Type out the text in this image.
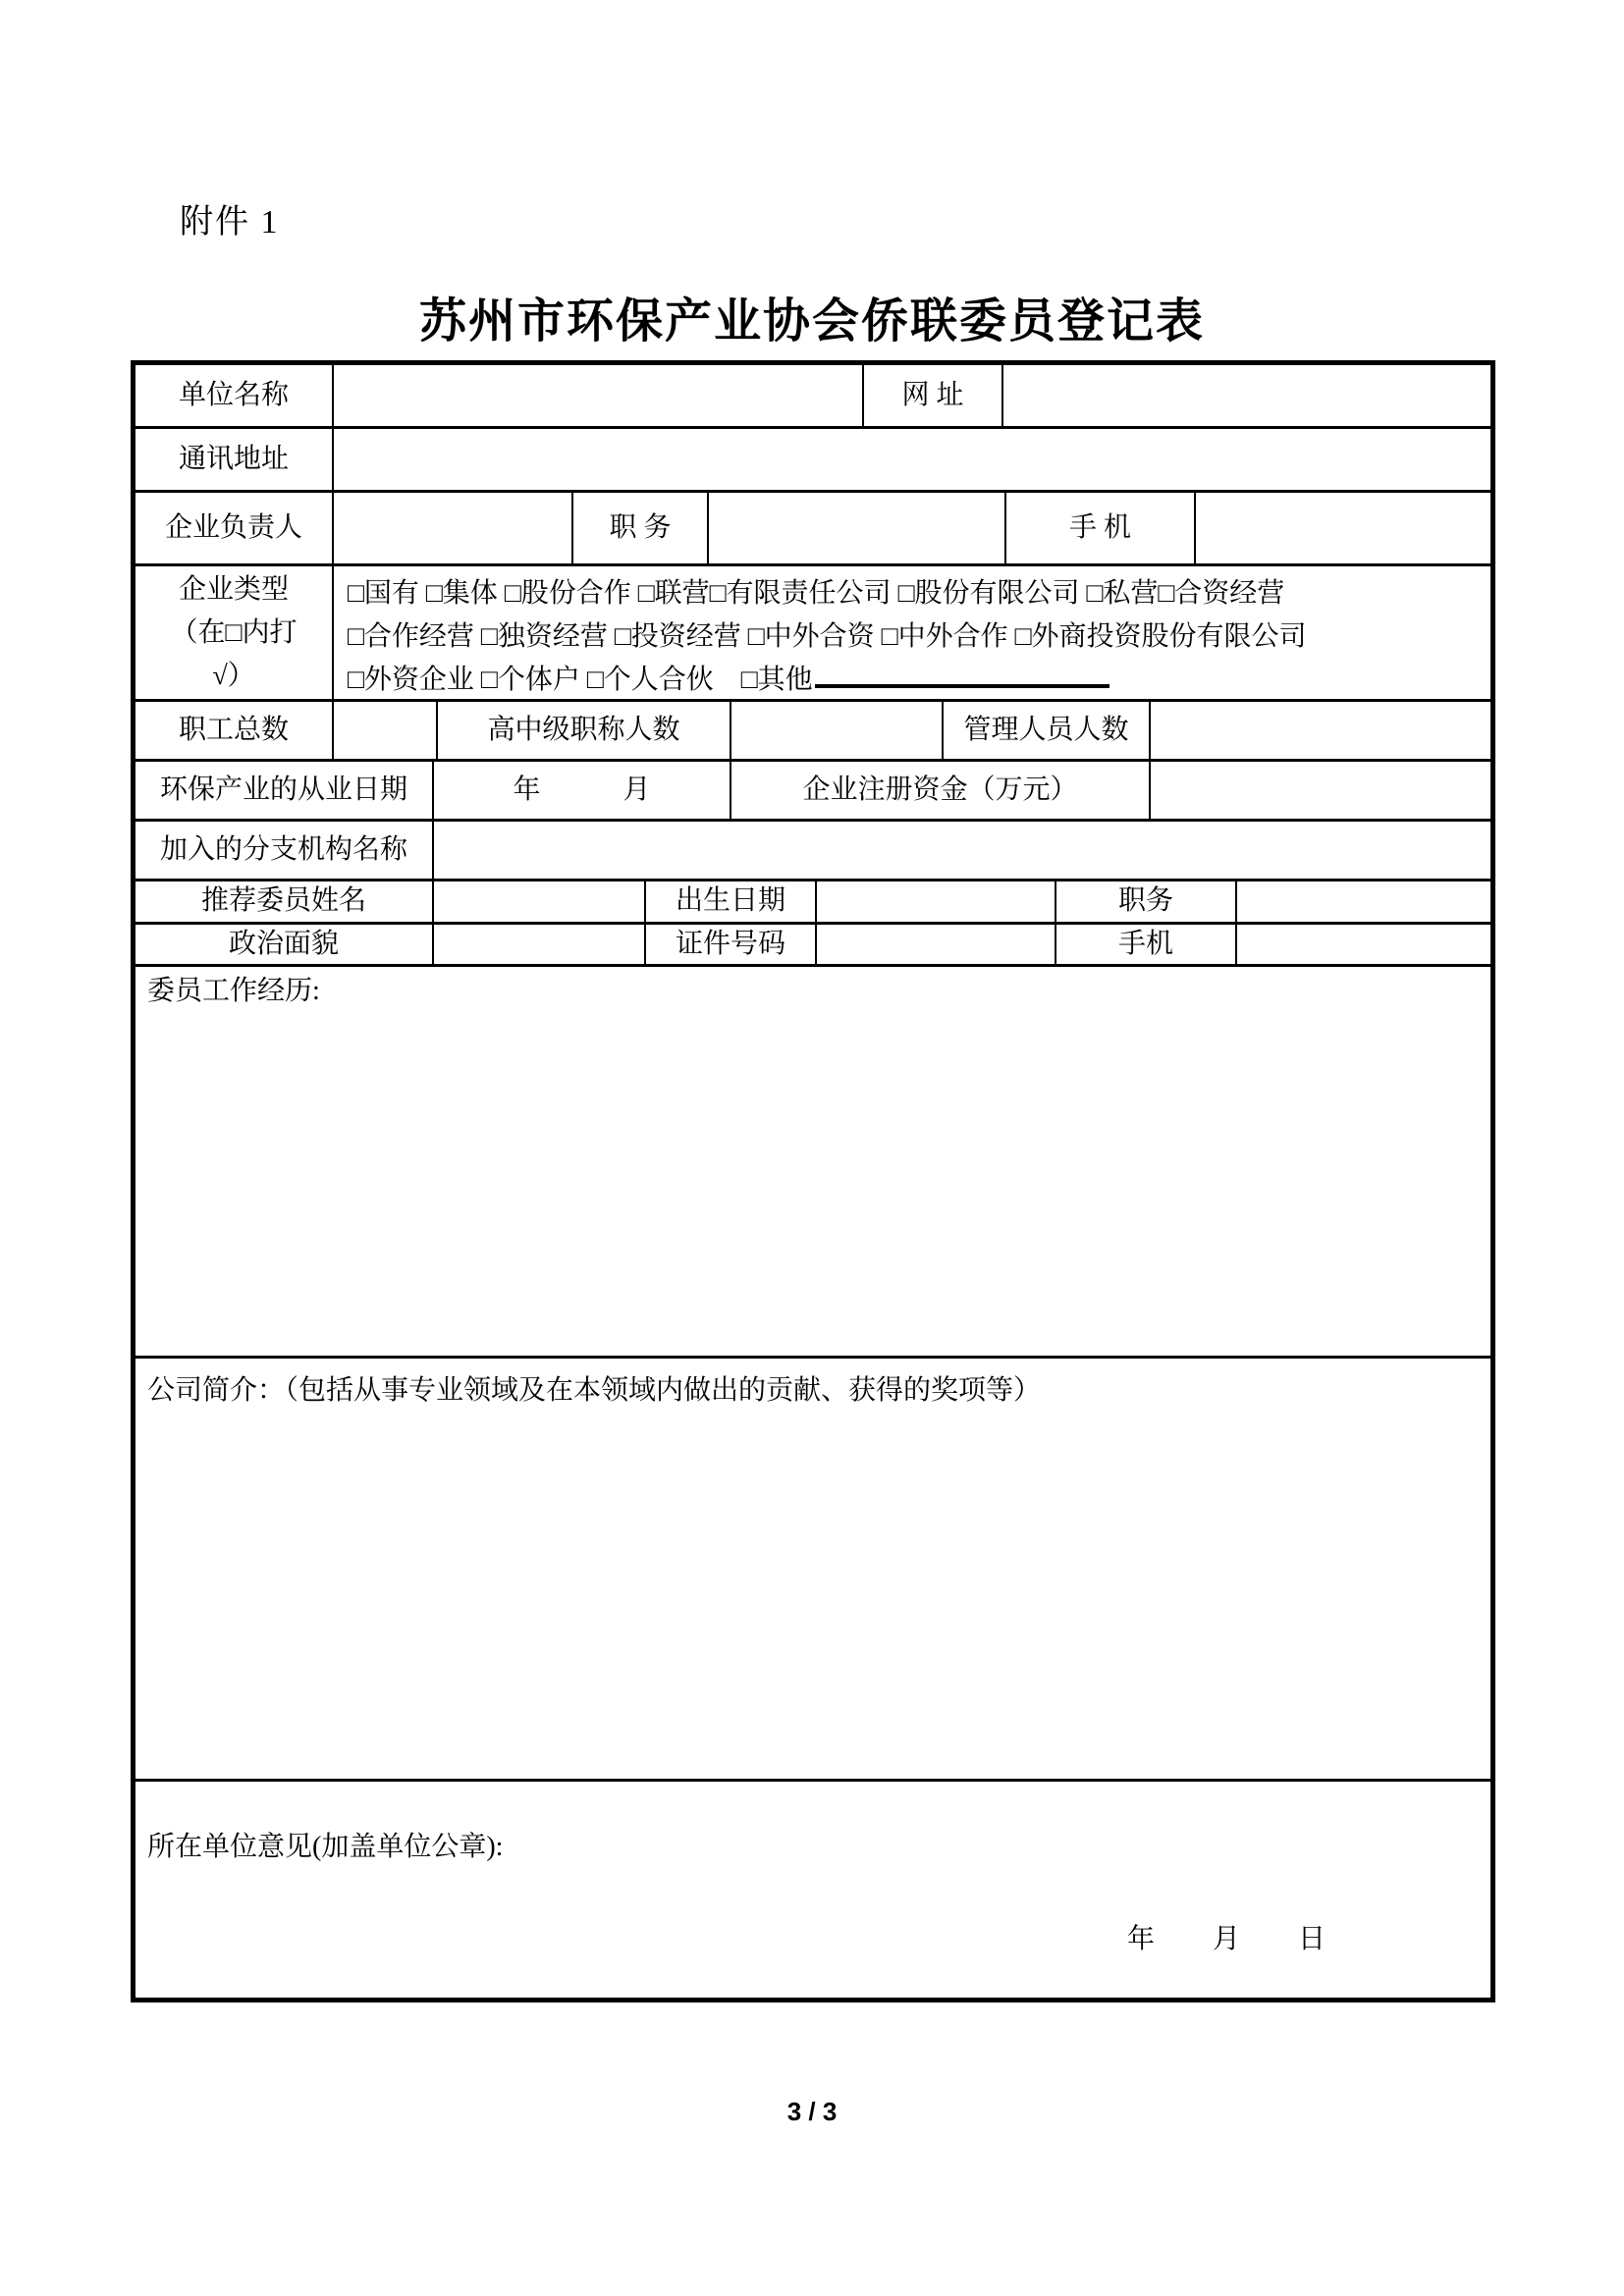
附件 1
苏州市环保产业协会侨联委员登记表
单位名称	网 址
通讯地址
企业负责人	职 务	手 机
企业类型
（在□内打
√）
□国有 □集体 □股份合作 □联营□有限责任公司 □股份有限公司 □私营□合资经营
□合作经营 □独资经营 □投资经营 □中外合资 □中外合作 □外商投资股份有限公司
□外资企业 □个体户 □个人合伙　□其他
职工总数	高中级职称人数	管理人员人数
环保产业的从业日期	年　　　月	企业注册资金（万元）
加入的分支机构名称
推荐委员姓名	出生日期	职务
政治面貌	证件号码	手机
委员工作经历:
公司简介：（包括从事专业领域及在本领域内做出的贡献、获得的奖项等）
所在单位意见(加盖单位公章):
年　　月　　日
3 / 3
